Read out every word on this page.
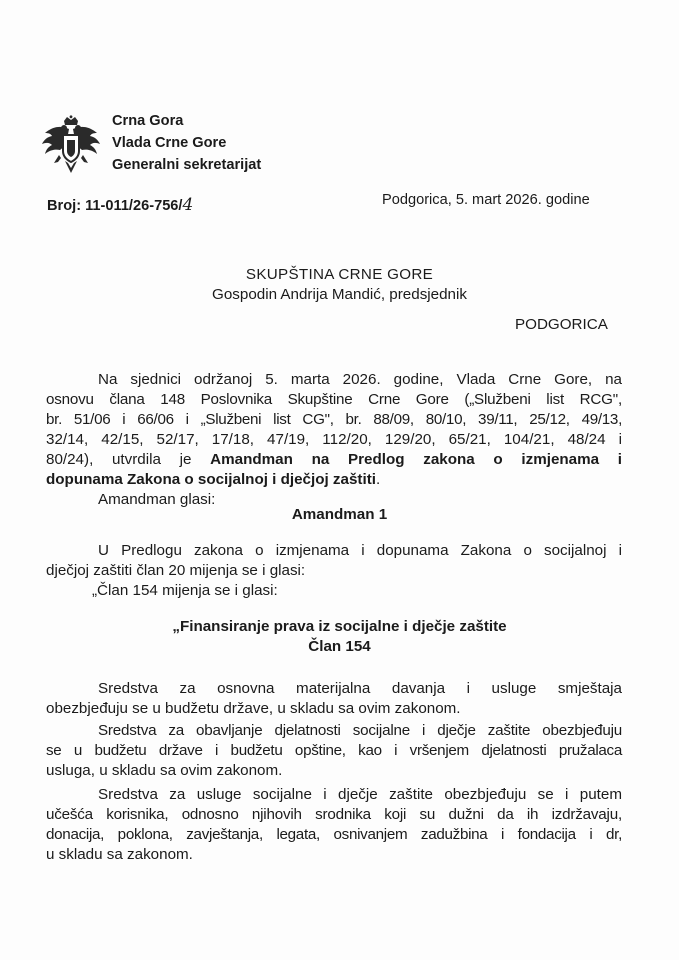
Crna Gora
Vlada Crne Gore
Generalni sekretarijat
Broj: 11-011/26-756/4	Podgorica, 5. mart 2026. godine
SKUPŠTINA CRNE GORE
Gospodin Andrija Mandić, predsjednik
PODGORICA
Na sjednici održanoj 5. marta 2026. godine, Vlada Crne Gore, na
osnovu člana 148 Poslovnika Skupštine Crne Gore („Službeni list RCG",
br. 51/06 i 66/06 i „Službeni list CG", br. 88/09, 80/10, 39/11, 25/12, 49/13,
32/14, 42/15, 52/17, 17/18, 47/19, 112/20, 129/20, 65/21, 104/21, 48/24 i
80/24), utvrdila je Amandman na Predlog zakona o izmjenama i
dopunama Zakona o socijalnoj i dječjoj zaštiti.
Amandman glasi:
Amandman 1
U Predlogu zakona o izmjenama i dopunama Zakona o socijalnoj i
dječjoj zaštiti član 20 mijenja se i glasi:
„Član 154 mijenja se i glasi:
„Finansiranje prava iz socijalne i dječje zaštite
Član 154
Sredstva za osnovna materijalna davanja i usluge smještaja
obezbjeđuju se u budžetu države, u skladu sa ovim zakonom.
Sredstva za obavljanje djelatnosti socijalne i dječje zaštite obezbjeđuju
se u budžetu države i budžetu opštine, kao i vršenjem djelatnosti pružalaca
usluga, u skladu sa ovim zakonom.
Sredstva za usluge socijalne i dječje zaštite obezbjeđuju se i putem
učešća korisnika, odnosno njihovih srodnika koji su dužni da ih izdržavaju,
donacija, poklona, zavještanja, legata, osnivanjem zadužbina i fondacija i dr,
u skladu sa zakonom.
